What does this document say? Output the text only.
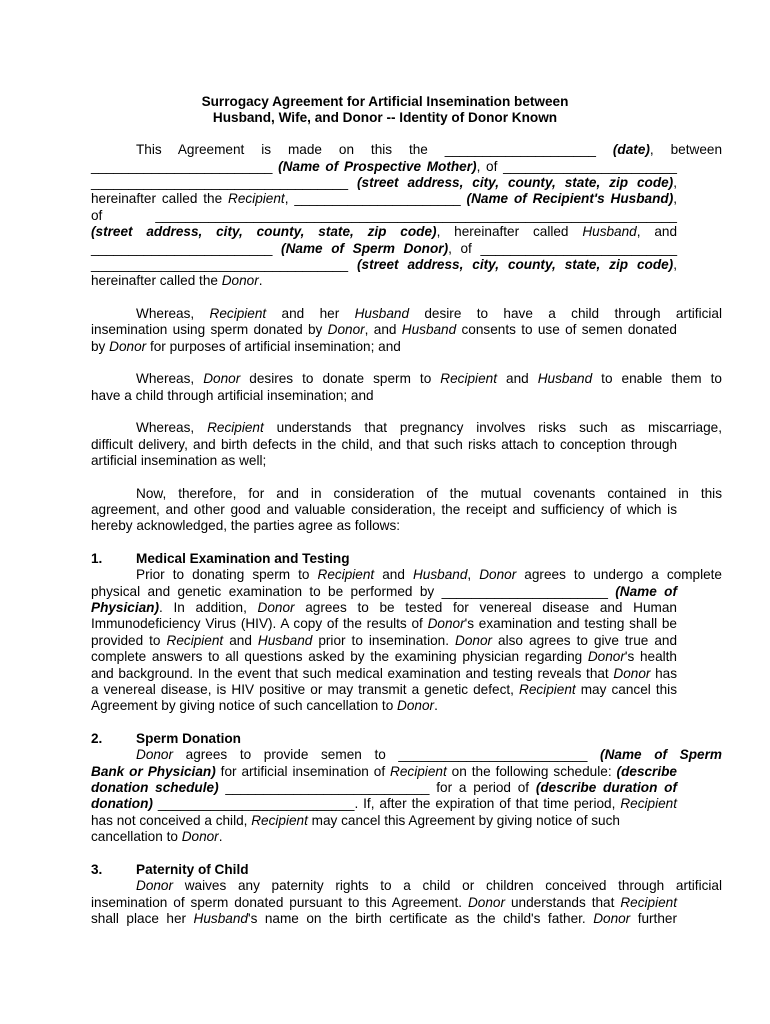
Surrogacy Agreement for Artificial Insemination between
Husband, Wife, and Donor -- Identity of Donor Known
This Agreement is made on this the ____________________ (date), between
________________________ (Name of Prospective Mother), of _______________________
__________________________________ (street address, city, county, state, zip code),
hereinafter called the Recipient, ______________________ (Name of Recipient's Husband),
of _____________________________________________________________________
(street address, city, county, state, zip code), hereinafter called Husband, and
________________________ (Name of Sperm Donor), of __________________________
__________________________________ (street address, city, county, state, zip code),
hereinafter called the Donor.
Whereas, Recipient and her Husband desire to have a child through artificial
insemination using sperm donated by Donor, and Husband consents to use of semen donated
by Donor for purposes of artificial insemination; and
Whereas, Donor desires to donate sperm to Recipient and Husband to enable them to
have a child through artificial insemination; and
Whereas, Recipient understands that pregnancy involves risks such as miscarriage,
difficult delivery, and birth defects in the child, and that such risks attach to conception through
artificial insemination as well;
Now, therefore, for and in consideration of the mutual covenants contained in this
agreement, and other good and valuable consideration, the receipt and sufficiency of which is
hereby acknowledged, the parties agree as follows:
1. Medical Examination and Testing
Prior to donating sperm to Recipient and Husband, Donor agrees to undergo a complete
physical and genetic examination to be performed by ______________________ (Name of
Physician). In addition, Donor agrees to be tested for venereal disease and Human
Immunodeficiency Virus (HIV). A copy of the results of Donor's examination and testing shall be
provided to Recipient and Husband prior to insemination. Donor also agrees to give true and
complete answers to all questions asked by the examining physician regarding Donor's health
and background. In the event that such medical examination and testing reveals that Donor has
a venereal disease, is HIV positive or may transmit a genetic defect, Recipient may cancel this
Agreement by giving notice of such cancellation to Donor.
2. Sperm Donation
Donor agrees to provide semen to _________________________ (Name of Sperm
Bank or Physician) for artificial insemination of Recipient on the following schedule: (describe
donation schedule) ___________________________ for a period of (describe duration of
donation) __________________________. If, after the expiration of that time period, Recipient
has not conceived a child, Recipient may cancel this Agreement by giving notice of such
cancellation to Donor.
3. Paternity of Child
Donor waives any paternity rights to a child or children conceived through artificial
insemination of sperm donated pursuant to this Agreement. Donor understands that Recipient
shall place her Husband's name on the birth certificate as the child's father. Donor further
